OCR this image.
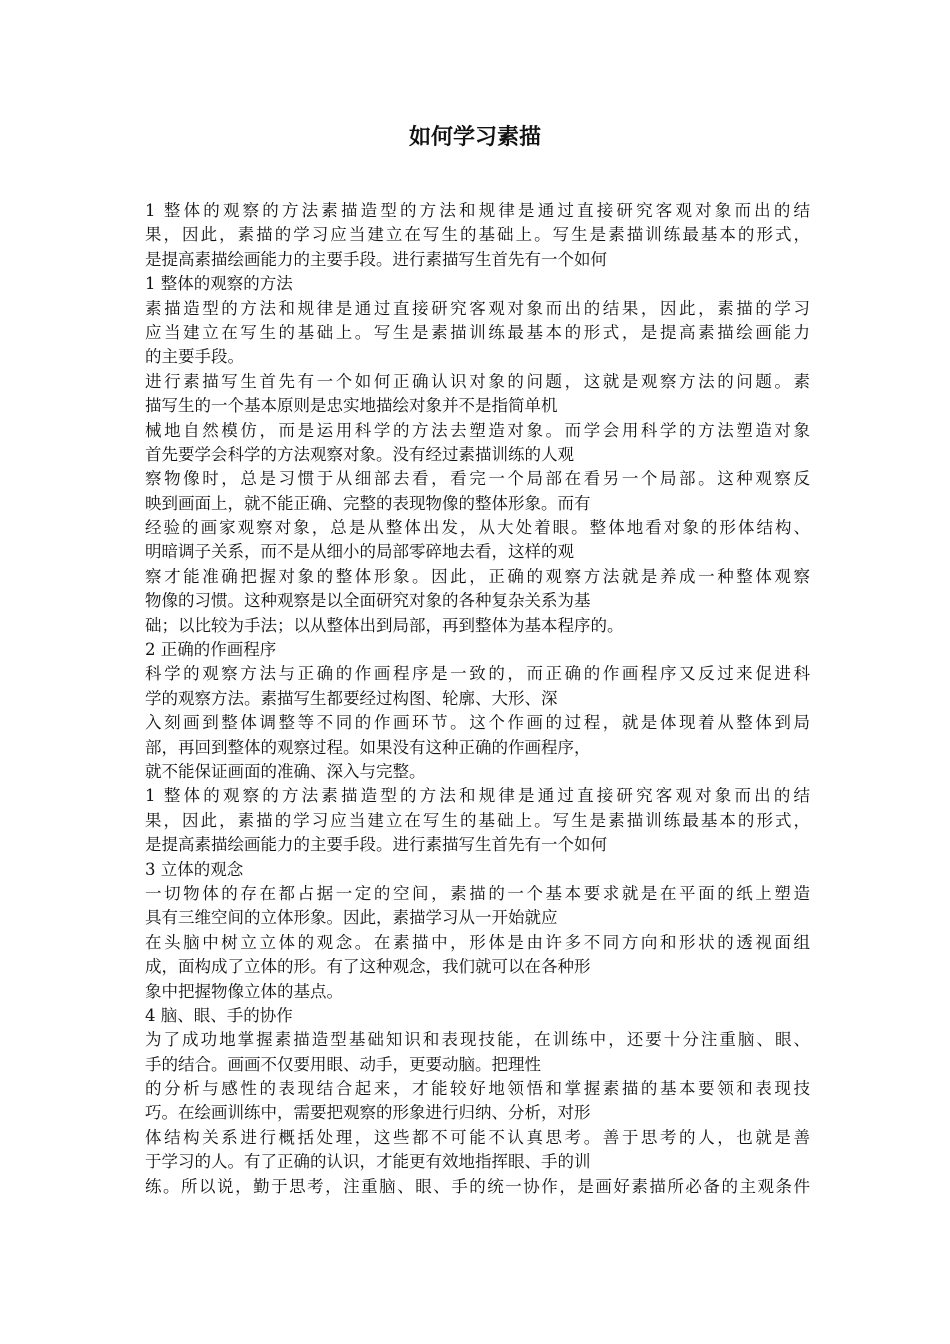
如何学习素描
1 整体的观察的方法素描造型的方法和规律是通过直接研究客观对象而出的结
果，因此，素描的学习应当建立在写生的基础上。写生是素描训练最基本的形式，
是提高素描绘画能力的主要手段。进行素描写生首先有一个如何
1 整体的观察的方法
素描造型的方法和规律是通过直接研究客观对象而出的结果，因此，素描的学习
应当建立在写生的基础上。写生是素描训练最基本的形式，是提高素描绘画能力
的主要手段。
进行素描写生首先有一个如何正确认识对象的问题，这就是观察方法的问题。素
描写生的一个基本原则是忠实地描绘对象并不是指简单机
械地自然模仿，而是运用科学的方法去塑造对象。而学会用科学的方法塑造对象
首先要学会科学的方法观察对象。没有经过素描训练的人观
察物像时，总是习惯于从细部去看，看完一个局部在看另一个局部。这种观察反
映到画面上，就不能正确、完整的表现物像的整体形象。而有
经验的画家观察对象，总是从整体出发，从大处着眼。整体地看对象的形体结构、
明暗调子关系，而不是从细小的局部零碎地去看，这样的观
察才能准确把握对象的整体形象。因此，正确的观察方法就是养成一种整体观察
物像的习惯。这种观察是以全面研究对象的各种复杂关系为基
础；以比较为手法；以从整体出到局部，再到整体为基本程序的。
2 正确的作画程序
科学的观察方法与正确的作画程序是一致的，而正确的作画程序又反过来促进科
学的观察方法。素描写生都要经过构图、轮廓、大形、深
入刻画到整体调整等不同的作画环节。这个作画的过程，就是体现着从整体到局
部，再回到整体的观察过程。如果没有这种正确的作画程序，
就不能保证画面的准确、深入与完整。
1 整体的观察的方法素描造型的方法和规律是通过直接研究客观对象而出的结
果，因此，素描的学习应当建立在写生的基础上。写生是素描训练最基本的形式，
是提高素描绘画能力的主要手段。进行素描写生首先有一个如何
3 立体的观念
一切物体的存在都占据一定的空间，素描的一个基本要求就是在平面的纸上塑造
具有三维空间的立体形象。因此，素描学习从一开始就应
在头脑中树立立体的观念。在素描中，形体是由许多不同方向和形状的透视面组
成，面构成了立体的形。有了这种观念，我们就可以在各种形
象中把握物像立体的基点。
4 脑、眼、手的协作
为了成功地掌握素描造型基础知识和表现技能，在训练中，还要十分注重脑、眼、
手的结合。画画不仅要用眼、动手，更要动脑。把理性
的分析与感性的表现结合起来，才能较好地领悟和掌握素描的基本要领和表现技
巧。在绘画训练中，需要把观察的形象进行归纳、分析，对形
体结构关系进行概括处理，这些都不可能不认真思考。善于思考的人，也就是善
于学习的人。有了正确的认识，才能更有效地指挥眼、手的训
练。所以说，勤于思考，注重脑、眼、手的统一协作，是画好素描所必备的主观条件
